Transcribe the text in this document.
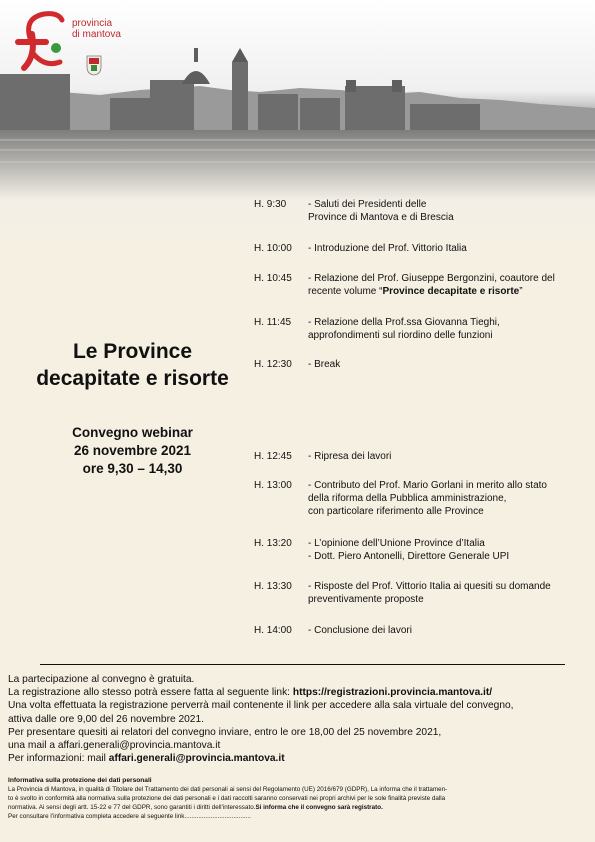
provincia
di mantova
H. 9:30	- Saluti dei Presidenti delle
Province di Mantova e di Brescia
H. 10:00	- Introduzione del Prof. Vittorio Italia
H. 10:45	- Relazione del Prof. Giuseppe Bergonzini, coautore del
recente volume “Province decapitate e risorte”
H. 11:45	- Relazione della Prof.ssa Giovanna Tieghi,
approfondimenti sul riordino delle funzioni
H. 12:30	- Break
H. 12:45	- Ripresa dei lavori
H. 13:00	- Contributo del Prof. Mario Gorlani in merito allo stato
della riforma della Pubblica amministrazione,
con particolare riferimento alle Province
H. 13:20	- L’opinione dell’Unione Province d’Italia
- Dott. Piero Antonelli, Direttore Generale UPI
H. 13:30	- Risposte del Prof. Vittorio Italia ai quesiti su domande
preventivamente proposte
H. 14:00	- Conclusione dei lavori
Le Province
decapitate e risorte
Convegno webinar
26 novembre 2021
ore 9,30 – 14,30

La partecipazione al convegno è gratuita.

La registrazione allo stesso potrà essere fatta al seguente link: https://registrazioni.provincia.mantova.it/

Una volta effettuata la registrazione perverrà mail contenente il link per accedere alla sala virtuale del convegno,

attiva dalle ore 9,00 del 26 novembre 2021.

Per presentare quesiti ai relatori del convegno inviare, entro le ore 18,00 del 25 novembre 2021,

una mail a affari.generali@provincia.mantova.it

Per informazioni: mail affari.generali@provincia.mantova.it

Informativa sulla protezione dei dati personali

La Provincia di Mantova, in qualità di Titolare del Trattamento dei dati personali ai sensi del Regolamento (UE) 2016/679 (GDPR), La informa che il trattamen-

to è svolto in conformità alla normativa sulla protezione dei dati personali e i dati raccolti saranno conservati nei propri archivi per le sole finalità previste dalla

normativa. Ai sensi degli artt. 15-22 e 77 del GDPR, sono garantiti i diritti dell’interessato.Si informa che il convegno sarà registrato.

Per consultare l’informativa completa accedere al seguente link......................................
